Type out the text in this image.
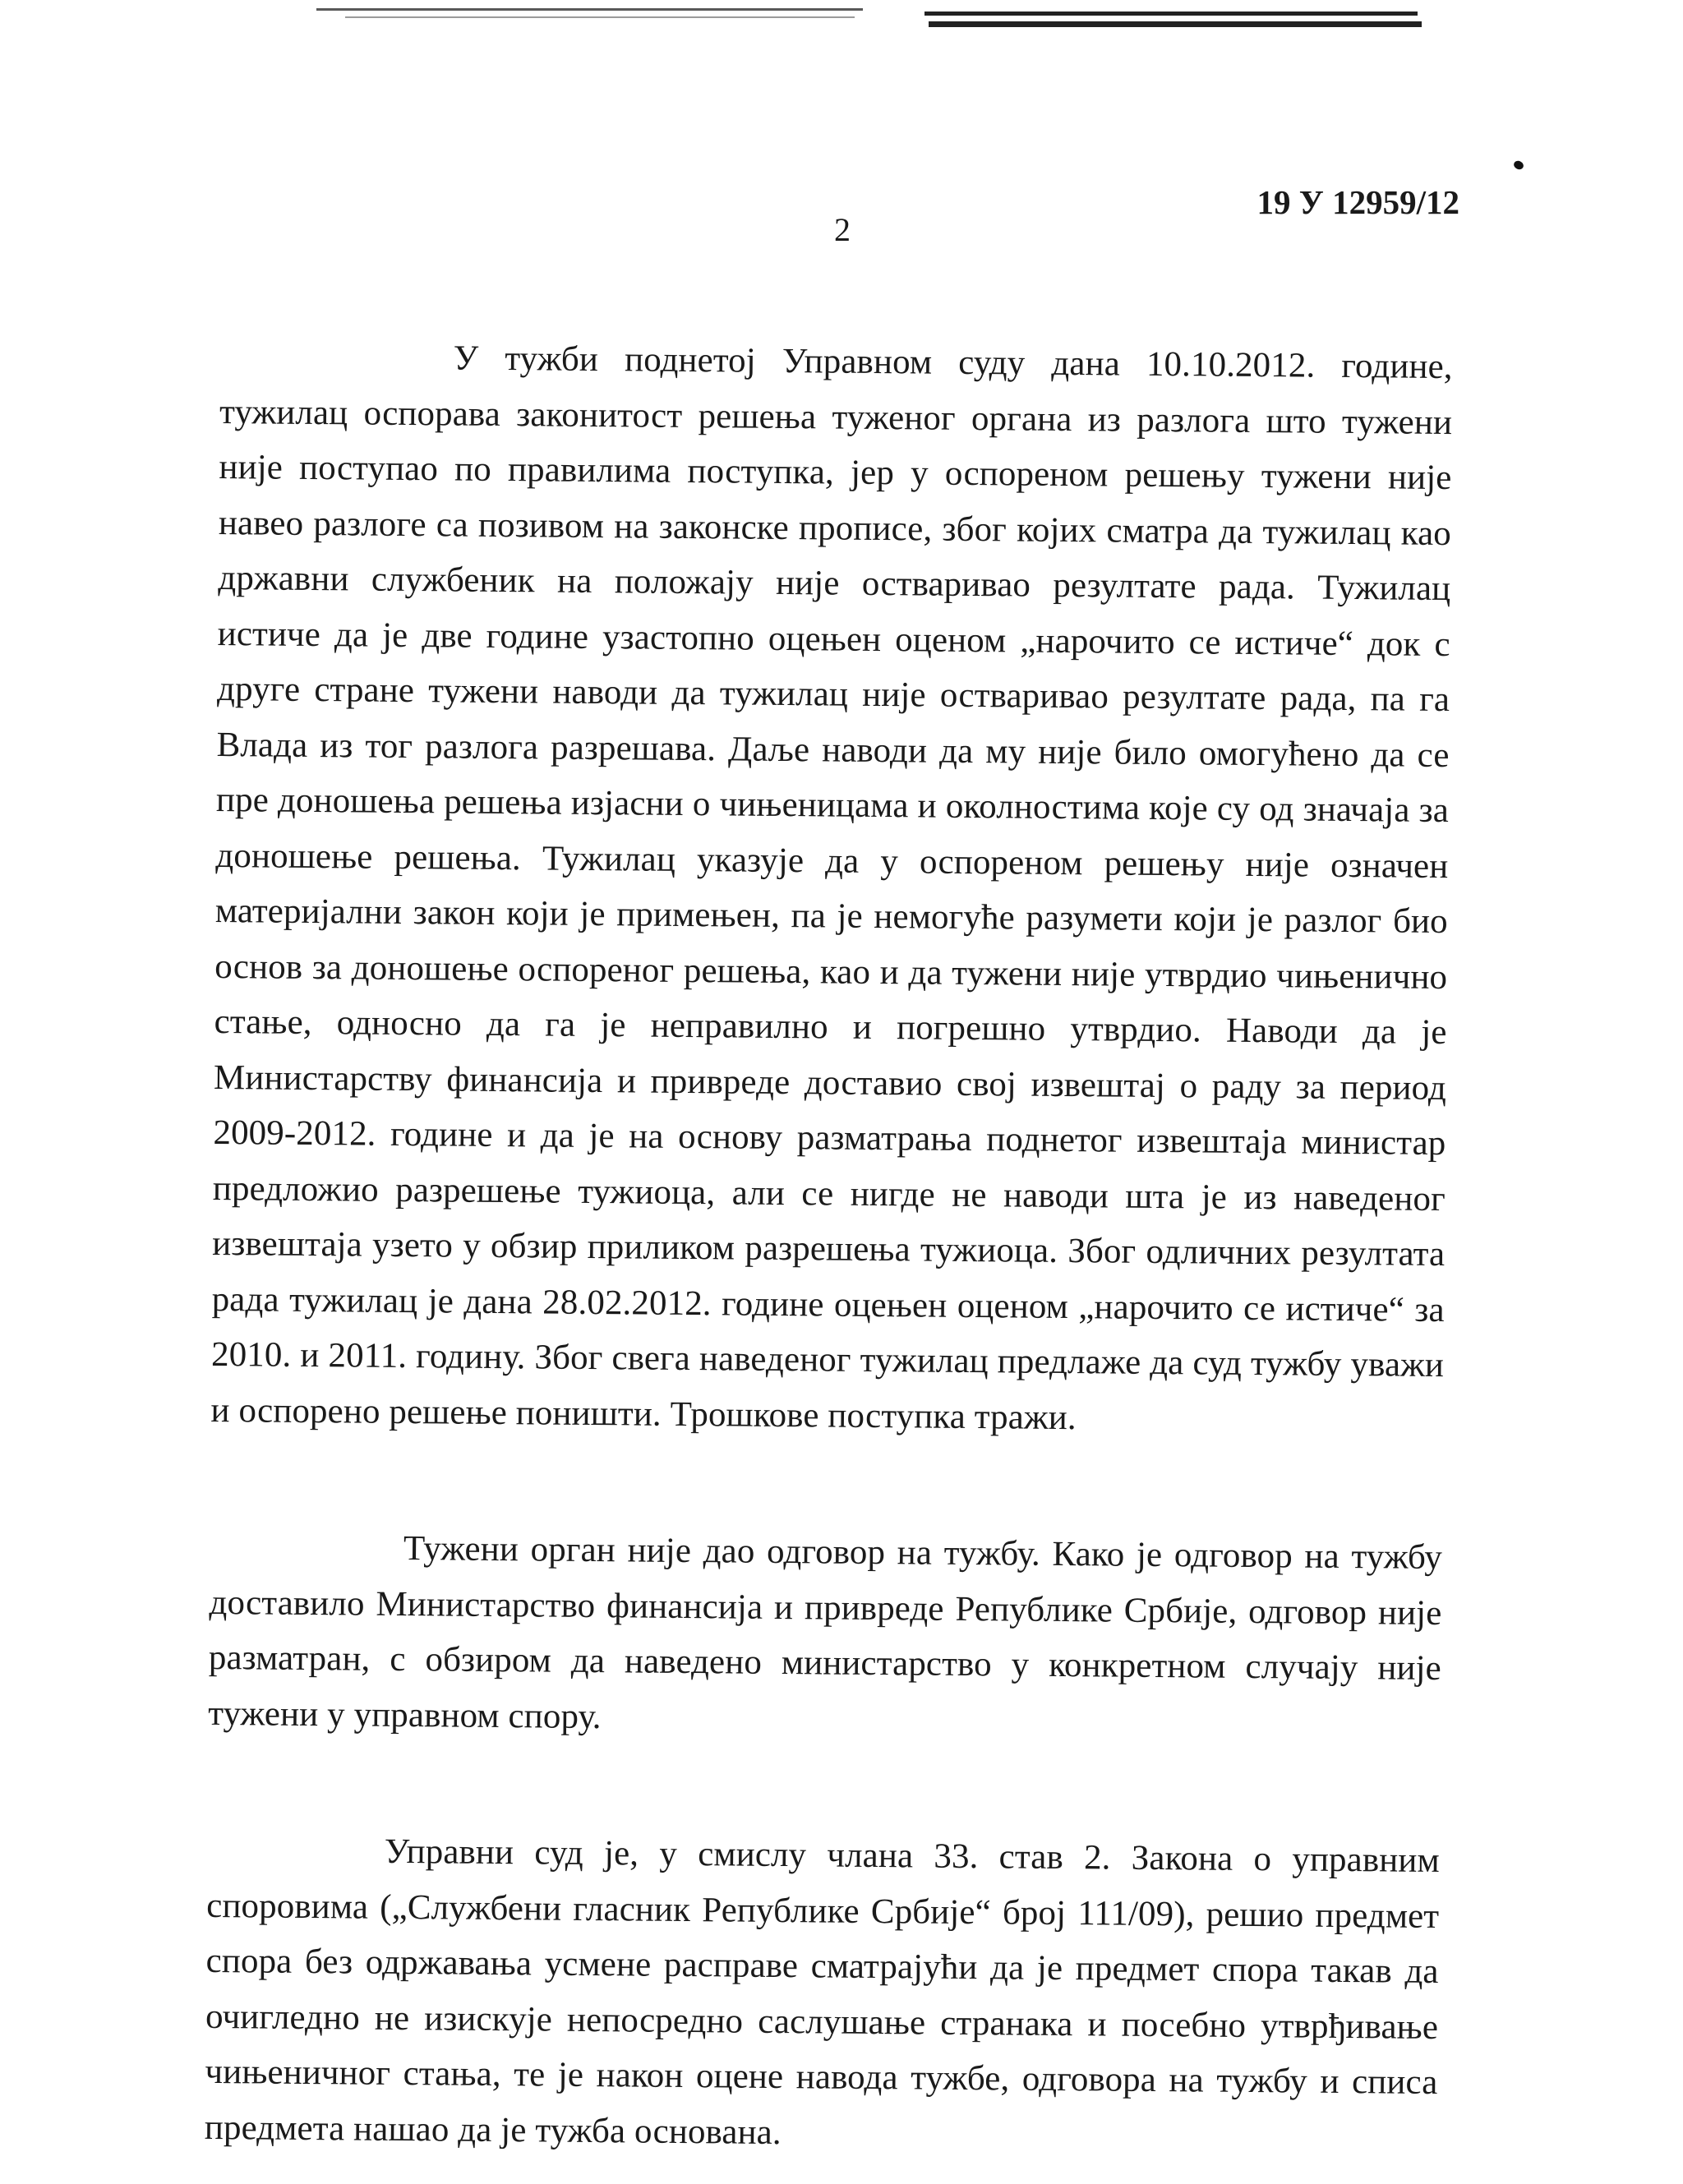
2
19 У 12959/12

У тужби поднетој Управном суду дана 10.10.2012. године, тужилац оспорава законитост решења туженог органа из разлога што тужени није поступао по правилима поступка, јер у оспореном решењу тужени није навео разлоге са позивом на законске прописе, због којих сматра да тужилац као државни службеник на положају није остваривао резултате рада. Тужилац истиче да је две године узастопно оцењен оценом „нарочито се истиче“ док с друге стране тужени наводи да тужилац није остваривао резултате рада, па га Влада из тог разлога разрешава. Даље наводи да му није било омогућено да се пре доношења решења изјасни о чињеницама и околностима које су од значаја за доношење решења. Тужилац указује да у оспореном решењу није означен материјални закон који је примењен, па је немогуће разумети који је разлог био основ за доношење оспореног решења, као и да тужени није утврдио чињенично стање, односно да га је неправилно и погрешно утврдио. Наводи да је Министарству финансија и привреде доставио свој извештај о раду за период 2009-2012. године и да је на основу разматрања поднетог извештаја министар предложио разрешење тужиоца, али се нигде не наводи шта је из наведеног извештаја узето у обзир приликом разрешења тужиоца. Због одличних резултата рада тужилац је дана 28.02.2012. године оцењен оценом „нарочито се истиче“ за 2010. и 2011. годину. Због свега наведеног тужилац предлаже да суд тужбу уважи и оспорено решење поништи. Трошкове поступка тражи.

Тужени орган није дао одговор на тужбу. Како је одговор на тужбу доставило Министарство финансија и привреде Републике Србије, одговор није разматран, с обзиром да наведено министарство у конкретном случају није тужени у управном спору.

Управни суд је, у смислу члана 33. став 2. Закона о управним споровима („Службени гласник Републике Србије“ број 111/09), решио предмет спора без одржавања усмене расправе сматрајући да је предмет спора такав да очигледно не изискује непосредно саслушање странака и посебно утврђивање чињеничног стања, те је након оцене навода тужбе, одговора на тужбу и списа предмета нашао да је тужба основана.
